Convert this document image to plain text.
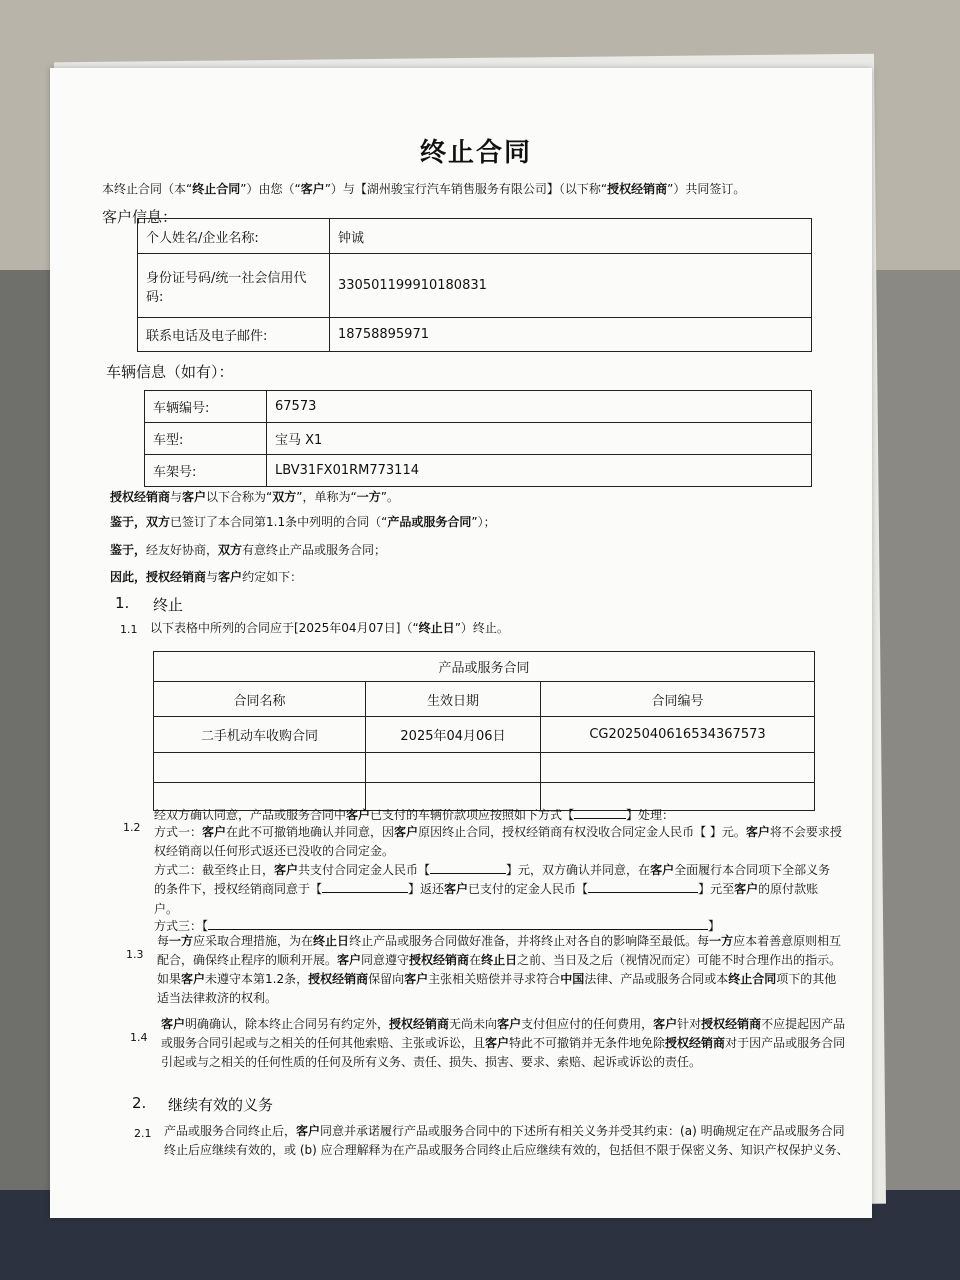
终止合同
本终止合同（本“终止合同”）由您（“客户”）与【湖州骏宝行汽车销售服务有限公司】（以下称“授权经销商”）共同签订。
客户信息：
个人姓名/企业名称:	钟诚
身份证号码/统一社会信用代码:	330501199910180831
联系电话及电子邮件:	18758895971
车辆信息（如有）：
车辆编号:	67573
车型:	宝马 X1
车架号:	LBV31FX01RM773114
授权经销商与客户以下合称为“双方”，单称为“一方”。
鉴于，双方已签订了本合同第1.1条中列明的合同（“产品或服务合同”）；
鉴于，经友好协商，双方有意终止产品或服务合同；
因此，授权经销商与客户约定如下：
1. 终止
1.1 以下表格中所列的合同应于[2025年04月07日]（“终止日”）终止。
产品或服务合同		
合同名称	生效日期	合同编号
二手机动车收购合同	2025年04月06日	CG2025040616534367573

1.2
经双方确认同意，产品或服务合同中客户已支付的车辆价款项应按照如下方式【	】处理：
方式一：客户在此不可撤销地确认并同意，因客户原因终止合同，授权经销商有权没收合同定金人民币【 】元。客户将不会要求授
权经销商以任何形式返还已没收的合同定金。
方式二：截至终止日，客户共支付合同定金人民币【	】元，双方确认并同意，在客户全面履行本合同项下全部义务
的条件下，授权经销商同意于【	】返还客户已支付的定金人民币【	】元至客户的原付款账
户。
方式三：【	】
1.3
每一方应采取合理措施，为在终止日终止产品或服务合同做好准备，并将终止对各自的影响降至最低。每一方应本着善意原则相互
配合，确保终止程序的顺利开展。客户同意遵守授权经销商在终止日之前、当日及之后（视情况而定）可能不时合理作出的指示。
如果客户未遵守本第1.2条，授权经销商保留向客户主张相关赔偿并寻求符合中国法律、产品或服务合同或本终止合同项下的其他
适当法律救济的权利。
1.4
客户明确确认，除本终止合同另有约定外，授权经销商无尚未向客户支付但应付的任何费用，客户针对授权经销商不应提起因产品
或服务合同引起或与之相关的任何其他索赔、主张或诉讼，且客户特此不可撤销并无条件地免除授权经销商对于因产品或服务合同
引起或与之相关的任何性质的任何及所有义务、责任、损失、损害、要求、索赔、起诉或诉讼的责任。
2. 继续有效的义务
2.1 产品或服务合同终止后，客户同意并承诺履行产品或服务合同中的下述所有相关义务并受其约束：(a) 明确规定在产品或服务合同
终止后应继续有效的，或 (b) 应合理解释为在产品或服务合同终止后应继续有效的，包括但不限于保密义务、知识产权保护义务、
